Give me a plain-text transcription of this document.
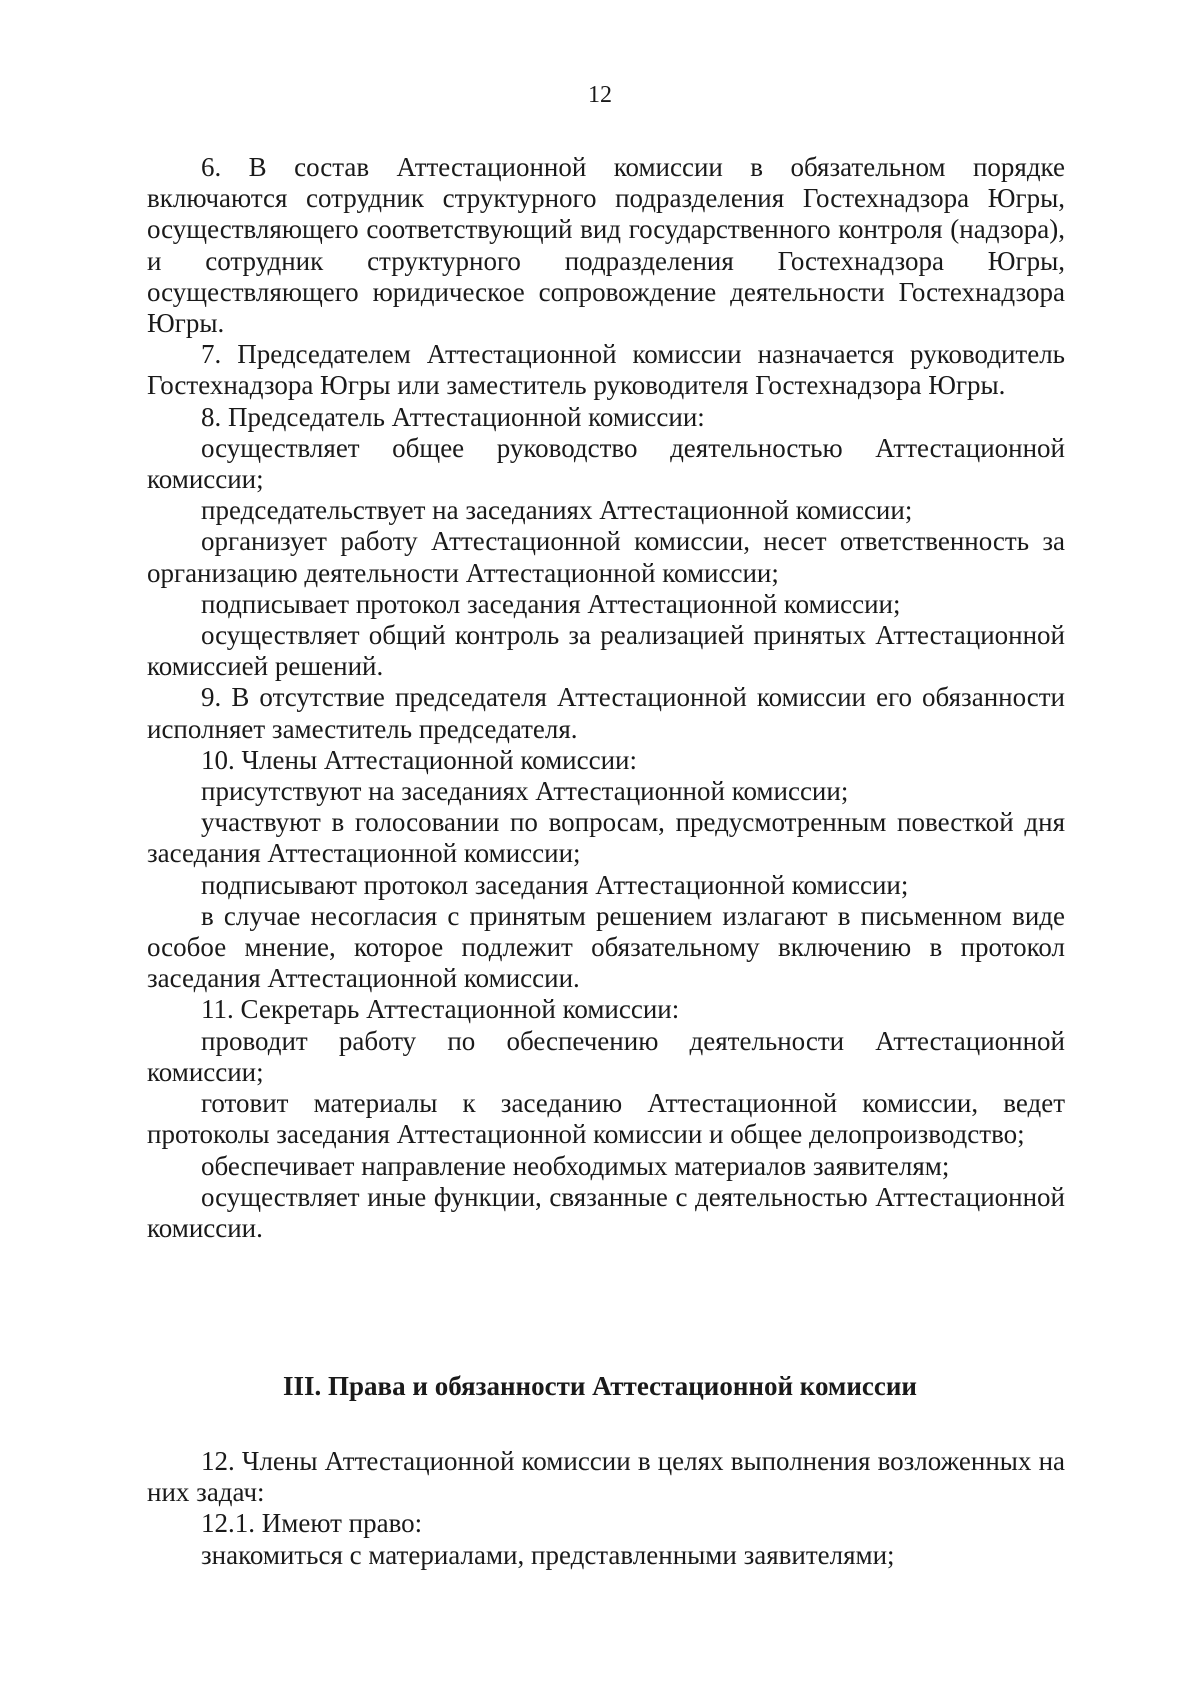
12

6. В состав Аттестационной комиссии в обязательном порядке включаются сотрудник структурного подразделения Гостехнадзора Югры, осуществляющего соответствующий вид государственного контроля (надзора), и сотрудник структурного подразделения Гостехнадзора Югры, осуществляющего юридическое сопровождение деятельности Гостехнадзора Югры.

7. Председателем Аттестационной комиссии назначается руководитель Гостехнадзора Югры или заместитель руководителя Гостехнадзора Югры.

8. Председатель Аттестационной комиссии:

осуществляет общее руководство деятельностью Аттестационной комиссии;

председательствует на заседаниях Аттестационной комиссии;

организует работу Аттестационной комиссии, несет ответственность за организацию деятельности Аттестационной комиссии;

подписывает протокол заседания Аттестационной комиссии;

осуществляет общий контроль за реализацией принятых Аттестационной комиссией решений.

9. В отсутствие председателя Аттестационной комиссии его обязанности исполняет заместитель председателя.

10. Члены Аттестационной комиссии:

присутствуют на заседаниях Аттестационной комиссии;

участвуют в голосовании по вопросам, предусмотренным повесткой дня заседания Аттестационной комиссии;

подписывают протокол заседания Аттестационной комиссии;

в случае несогласия с принятым решением излагают в письменном виде особое мнение, которое подлежит обязательному включению в протокол заседания Аттестационной комиссии.

11. Секретарь Аттестационной комиссии:

проводит работу по обеспечению деятельности Аттестационной комиссии;

готовит материалы к заседанию Аттестационной комиссии, ведет протоколы заседания Аттестационной комиссии и общее делопроизводство;

обеспечивает направление необходимых материалов заявителям;

осуществляет иные функции, связанные с деятельностью Аттестационной комиссии.

III. Права и обязанности Аттестационной комиссии

12. Члены Аттестационной комиссии в целях выполнения возложенных на них задач:

12.1. Имеют право:

знакомиться с материалами, представленными заявителями;
